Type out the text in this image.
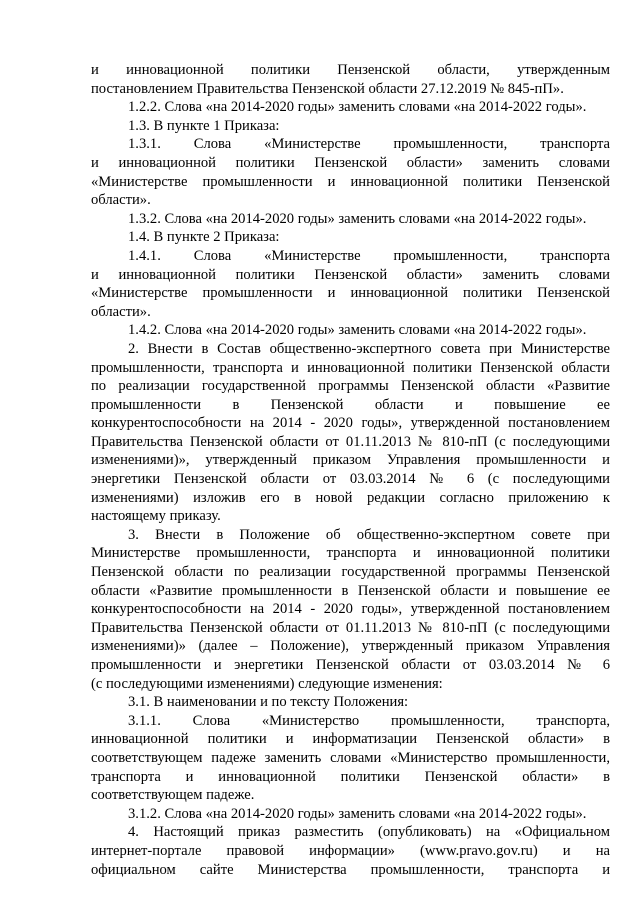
и инновационной политики Пензенской области, утвержденным
постановлением Правительства Пензенской области 27.12.2019 № 845-пП».
1.2.2. Слова «на 2014-2020 годы» заменить словами «на 2014-2022 годы».
1.3. В пункте 1 Приказа:
1.3.1. Слова «Министерстве промышленности, транспорта
и инновационной политики Пензенской области» заменить словами
«Министерстве промышленности и инновационной политики Пензенской
области».
1.3.2. Слова «на 2014-2020 годы» заменить словами «на 2014-2022 годы».
1.4. В пункте 2 Приказа:
1.4.1. Слова «Министерстве промышленности, транспорта
и инновационной политики Пензенской области» заменить словами
«Министерстве промышленности и инновационной политики Пензенской
области».
1.4.2. Слова «на 2014-2020 годы» заменить словами «на 2014-2022 годы».
2. Внести в Состав общественно-экспертного совета при Министерстве
промышленности, транспорта и инновационной политики Пензенской области
по реализации государственной программы Пензенской области «Развитие
промышленности в Пензенской области и повышение ее
конкурентоспособности на 2014 - 2020 годы», утвержденной постановлением
Правительства Пензенской области от 01.11.2013 № 810-пП (с последующими
изменениями)», утвержденный приказом Управления промышленности и
энергетики Пензенской области от 03.03.2014 № 6 (с последующими
изменениями) изложив его в новой редакции согласно приложению к
настоящему приказу.
3. Внести в Положение об общественно-экспертном совете при
Министерстве промышленности, транспорта и инновационной политики
Пензенской области по реализации государственной программы Пензенской
области «Развитие промышленности в Пензенской области и повышение ее
конкурентоспособности на 2014 - 2020 годы», утвержденной постановлением
Правительства Пензенской области от 01.11.2013 № 810-пП (с последующими
изменениями)» (далее – Положение), утвержденный приказом Управления
промышленности и энергетики Пензенской области от 03.03.2014 № 6
(с последующими изменениями) следующие изменения:
3.1. В наименовании и по тексту Положения:
3.1.1. Слова «Министерство промышленности, транспорта,
инновационной политики и информатизации Пензенской области» в
соответствующем падеже заменить словами «Министерство промышленности,
транспорта и инновационной политики Пензенской области» в
соответствующем падеже.
3.1.2. Слова «на 2014-2020 годы» заменить словами «на 2014-2022 годы».
4. Настоящий приказ разместить (опубликовать) на «Официальном
интернет-портале правовой информации» (www.pravo.gov.ru) и на
официальном сайте Министерства промышленности, транспорта и
